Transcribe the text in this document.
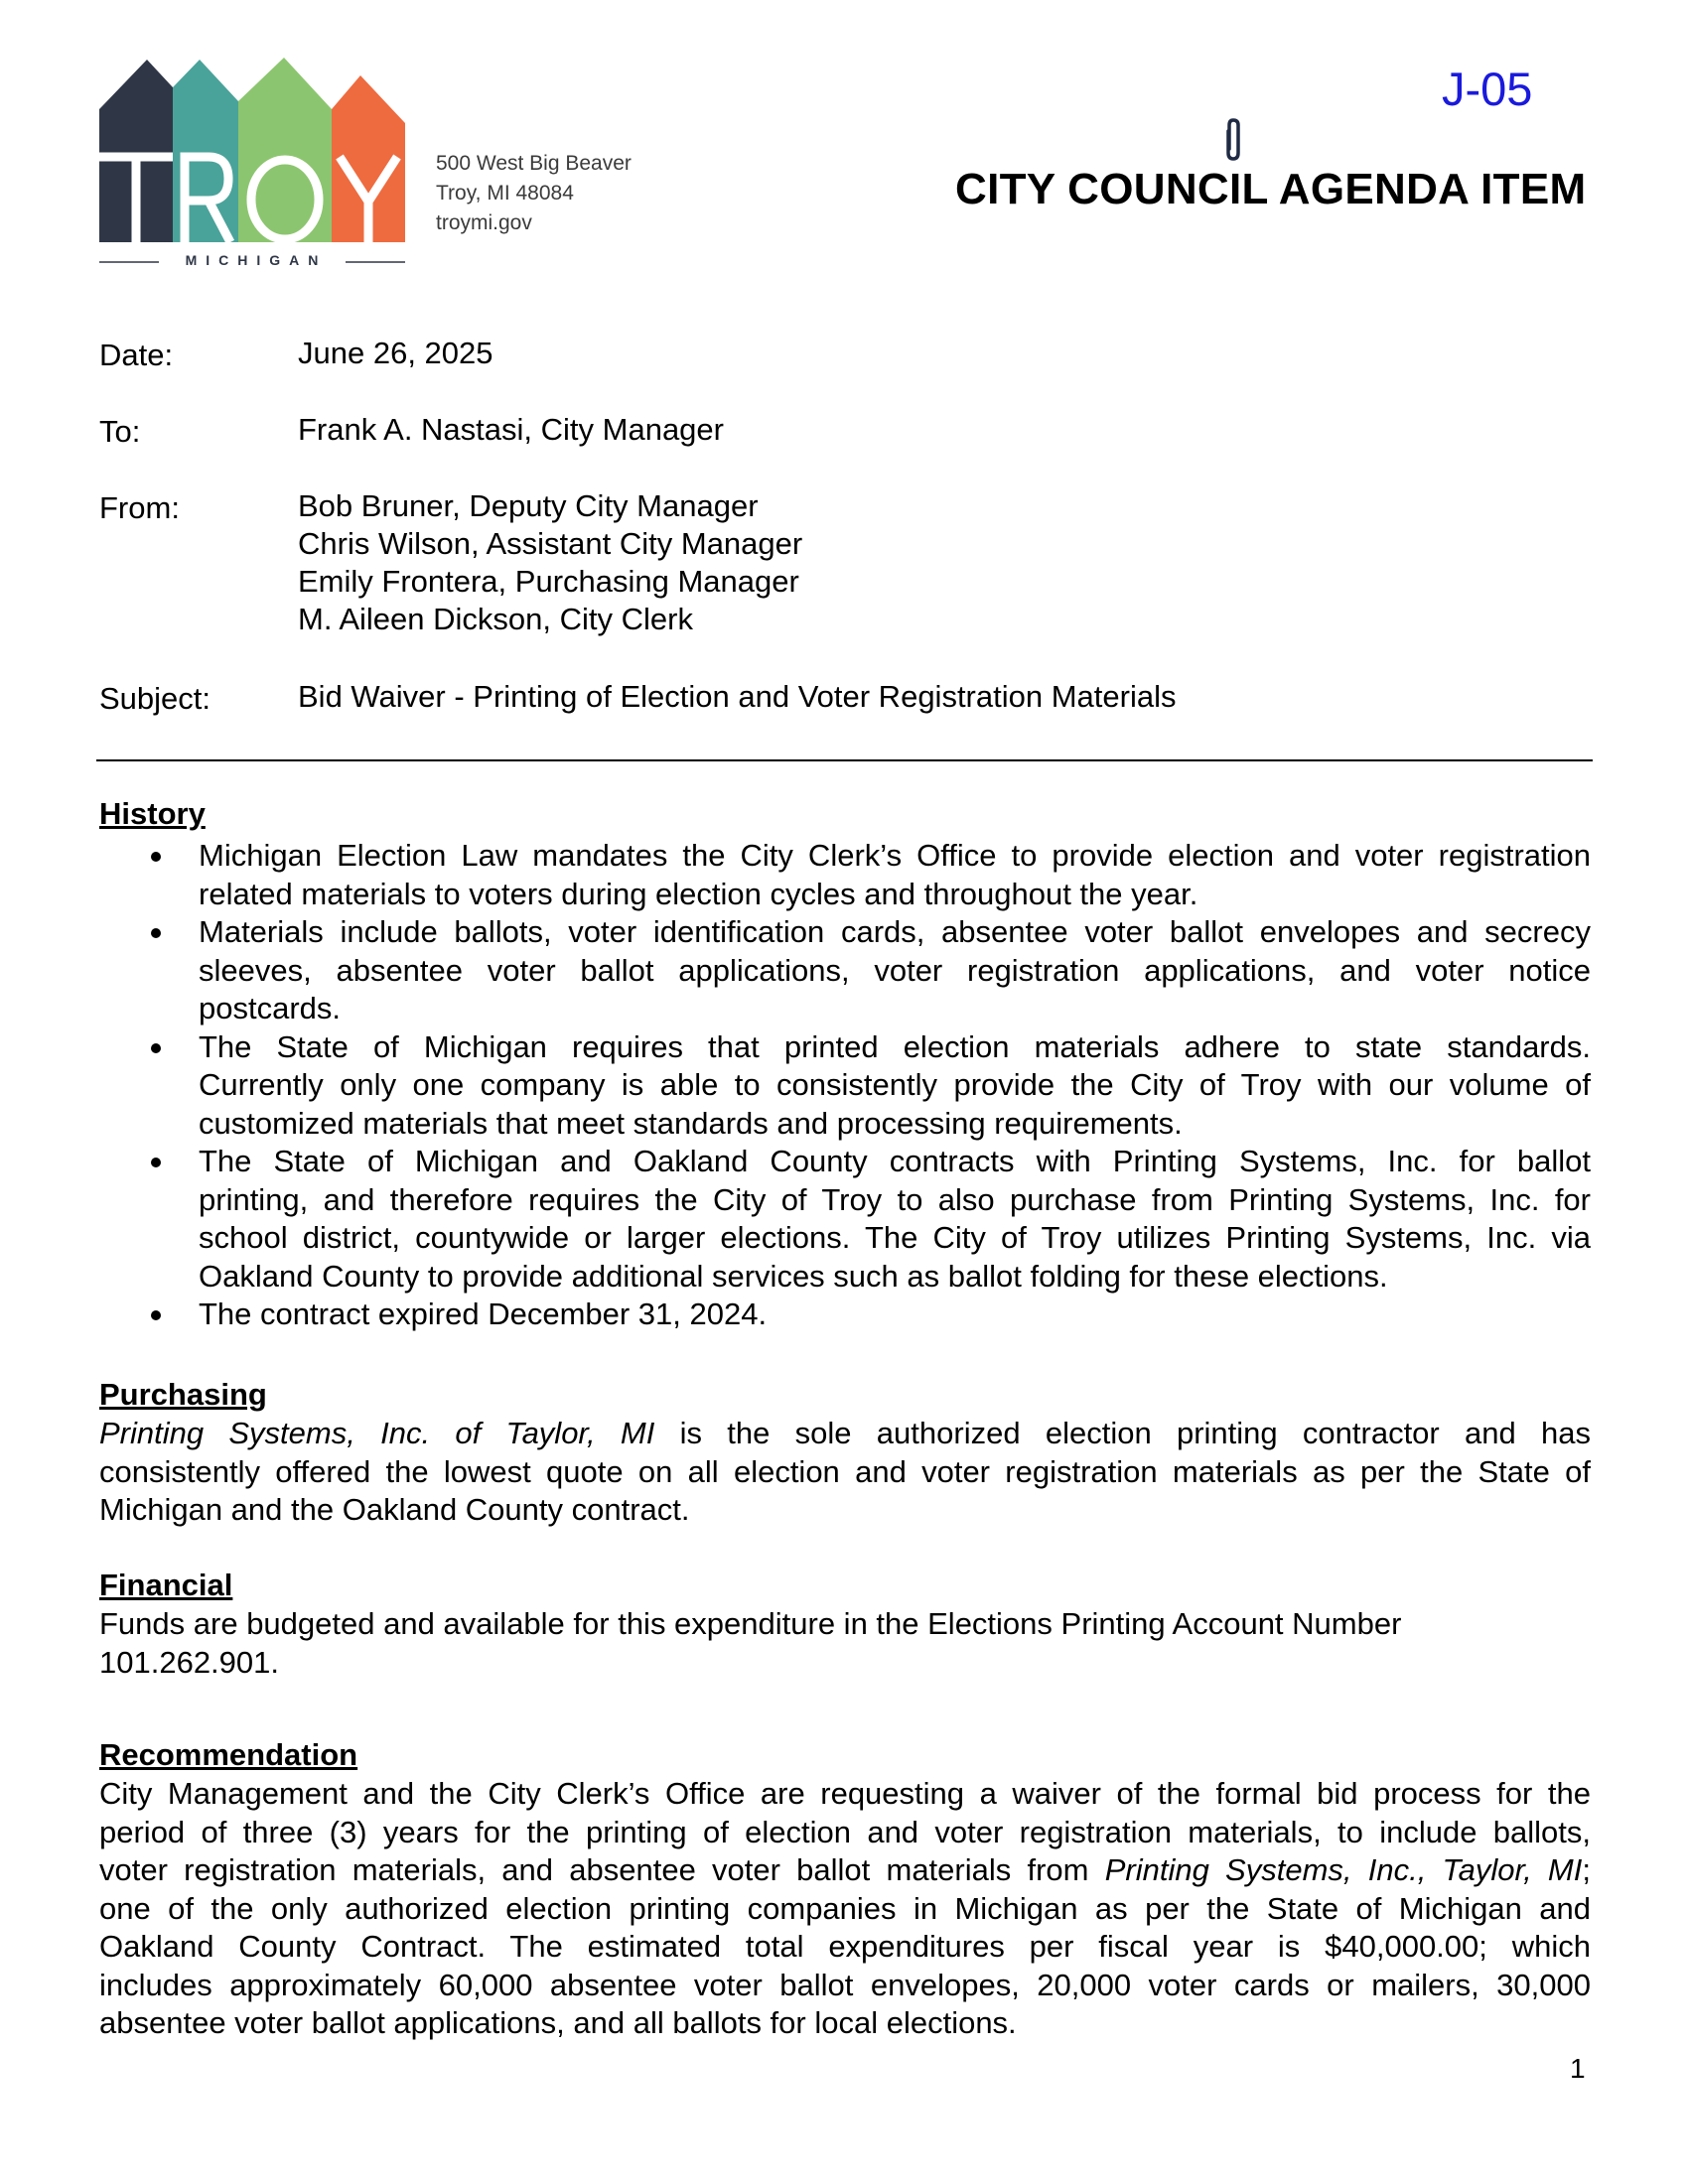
MICHIGAN
500 West Big Beaver
Troy, MI 48084
troymi.gov
J-05
CITY COUNCIL AGENDA ITEM
Date:	June 26, 2025
To:	Frank A. Nastasi, City Manager
From:	Bob Bruner, Deputy City Manager
Chris Wilson, Assistant City Manager
Emily Frontera, Purchasing Manager
M. Aileen Dickson, City Clerk
Subject:	Bid Waiver - Printing of Election and Voter Registration Materials
History
Michigan Election Law mandates the City Clerk’s Office to provide election and voter registration
related materials to voters during election cycles and throughout the year.
Materials include ballots, voter identification cards, absentee voter ballot envelopes and secrecy
sleeves, absentee voter ballot applications, voter registration applications, and voter notice
postcards.
The State of Michigan requires that printed election materials adhere to state standards.
Currently only one company is able to consistently provide the City of Troy with our volume of
customized materials that meet standards and processing requirements.
The State of Michigan and Oakland County contracts with Printing Systems, Inc. for ballot
printing, and therefore requires the City of Troy to also purchase from Printing Systems, Inc. for
school district, countywide or larger elections. The City of Troy utilizes Printing Systems, Inc. via
Oakland County to provide additional services such as ballot folding for these elections.
The contract expired December 31, 2024.
Purchasing
Printing Systems, Inc. of Taylor, MI is the sole authorized election printing contractor and has
consistently offered the lowest quote on all election and voter registration materials as per the State of
Michigan and the Oakland County contract.
Financial
Funds are budgeted and available for this expenditure in the Elections Printing Account Number
101.262.901.
Recommendation
City Management and the City Clerk’s Office are requesting a waiver of the formal bid process for the
period of three (3) years for the printing of election and voter registration materials, to include ballots,
voter registration materials, and absentee voter ballot materials from Printing Systems, Inc., Taylor, MI;
one of the only authorized election printing companies in Michigan as per the State of Michigan and
Oakland County Contract. The estimated total expenditures per fiscal year is $40,000.00; which
includes approximately 60,000 absentee voter ballot envelopes, 20,000 voter cards or mailers, 30,000
absentee voter ballot applications, and all ballots for local elections.
1
